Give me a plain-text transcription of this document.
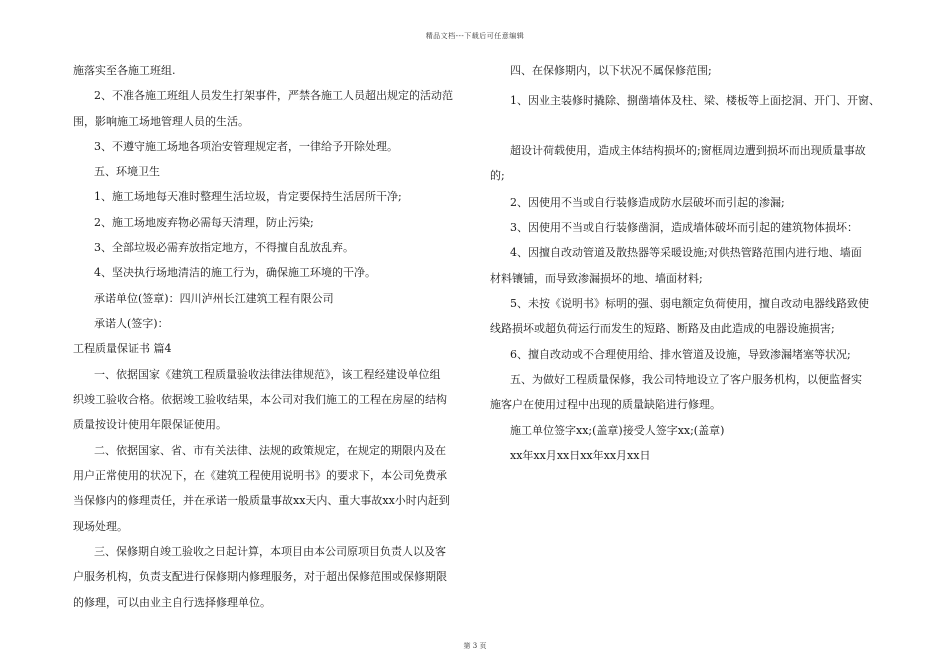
精品文档---下载后可任意编辑

施落实至各施工班组.

2、不准各施工班组人员发生打架事件，严禁各施工人员超出规定的活动范

围，影响施工场地管理人员的生活。

3、不遵守施工场地各项治安管理规定者，一律给予开除处理。

五、环境卫生

1、施工场地每天准时整理生活垃圾，肯定要保持生活居所干净;

2、施工场地废弃物必需每天清理，防止污染;

3、全部垃圾必需弃放指定地方，不得擅自乱放乱弃。

4、坚决执行场地清洁的施工行为，确保施工环境的干净。

承诺单位(签章)：四川泸州长江建筑工程有限公司

承诺人(签字)：

工程质量保证书 篇4

一、依据国家《建筑工程质量验收法律法律规范》，该工程经建设单位组

织竣工验收合格。依据竣工验收结果，本公司对我们施工的工程在房屋的结构

质量按设计使用年限保证使用。

二、依据国家、省、市有关法律、法规的政策规定，在规定的期限内及在

用户正常使用的状况下，在《建筑工程使用说明书》的要求下，本公司免费承

当保修内的修理责任，并在承诺一般质量事故xx天内、重大事故xx小时内赶到

现场处理。

三、保修期自竣工验收之日起计算，本项目由本公司原项目负责人以及客

户服务机构，负责支配进行保修期内修理服务，对于超出保修范围或保修期限

的修理，可以由业主自行选择修理单位。

四、在保修期内，以下状况不属保修范围;

1、因业主装修时撬除、捌凿墙体及柱、梁、楼板等上面挖洞、开门、开窗、

超设计荷载使用，造成主体结构损坏的;窗框周边遭到损坏而出现质量事故

的;

2、因使用不当或自行装修造成防水层破坏而引起的渗漏;

3、因使用不当或自行装修凿洞，造成墙体破坏而引起的建筑物体损坏：

4、因擅自改动管道及散热器等采暖设施;对供热管路范围内进行地、墙面

材料镶铺，而导致渗漏损坏的地、墙面材料;

5、未按《说明书》标明的强、弱电额定负荷使用，擅自改动电器线路致使

线路损坏或超负荷运行而发生的短路、断路及由此造成的电器设施损害;

6、擅自改动或不合理使用给、排水管道及设施，导致渗漏堵塞等状况;

五、为做好工程质量保修，我公司特地设立了客户服务机构，以便监督实

施客户在使用过程中出现的质量缺陷进行修理。

施工单位签字xx;(盖章)接受人签字xx;(盖章)

xx年xx月xx日xx年xx月xx日

第 3 页
